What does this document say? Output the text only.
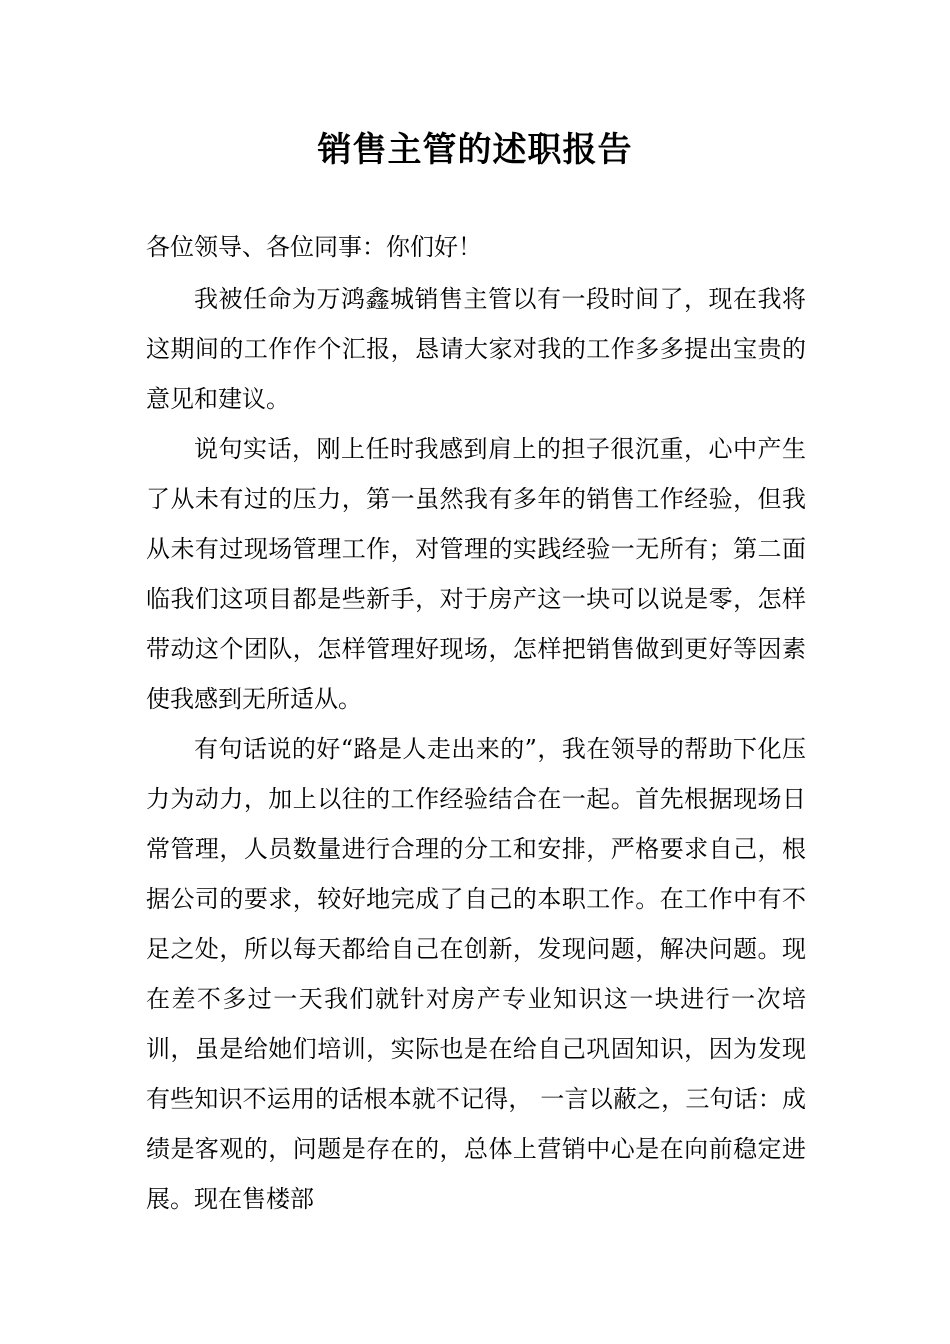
销售主管的述职报告
各位领导、各位同事：你们好！

我被任命为万鸿鑫城销售主管以有一段时间了，现在我将这期间的工作作个汇报，恳请大家对我的工作多多提出宝贵的意见和建议。

说句实话，刚上任时我感到肩上的担子很沉重，心中产生了从未有过的压力，第一虽然我有多年的销售工作经验，但我从未有过现场管理工作，对管理的实践经验一无所有；第二面临我们这项目都是些新手，对于房产这一块可以说是零，怎样带动这个团队，怎样管理好现场，怎样把销售做到更好等因素使我感到无所适从。

有句话说的好“路是人走出来的”，我在领导的帮助下化压力为动力，加上以往的工作经验结合在一起。首先根据现场日常管理，人员数量进行合理的分工和安排，严格要求自己，根据公司的要求，较好地完成了自己的本职工作。在工作中有不足之处，所以每天都给自己在创新，发现问题，解决问题。现在差不多过一天我们就针对房产专业知识这一块进行一次培训，虽是给她们培训，实际也是在给自己巩固知识，因为发现有些知识不运用的话根本就不记得， 一言以蔽之，三句话：成绩是客观的，问题是存在的，总体上营销中心是在向前稳定进展。现在售楼部
